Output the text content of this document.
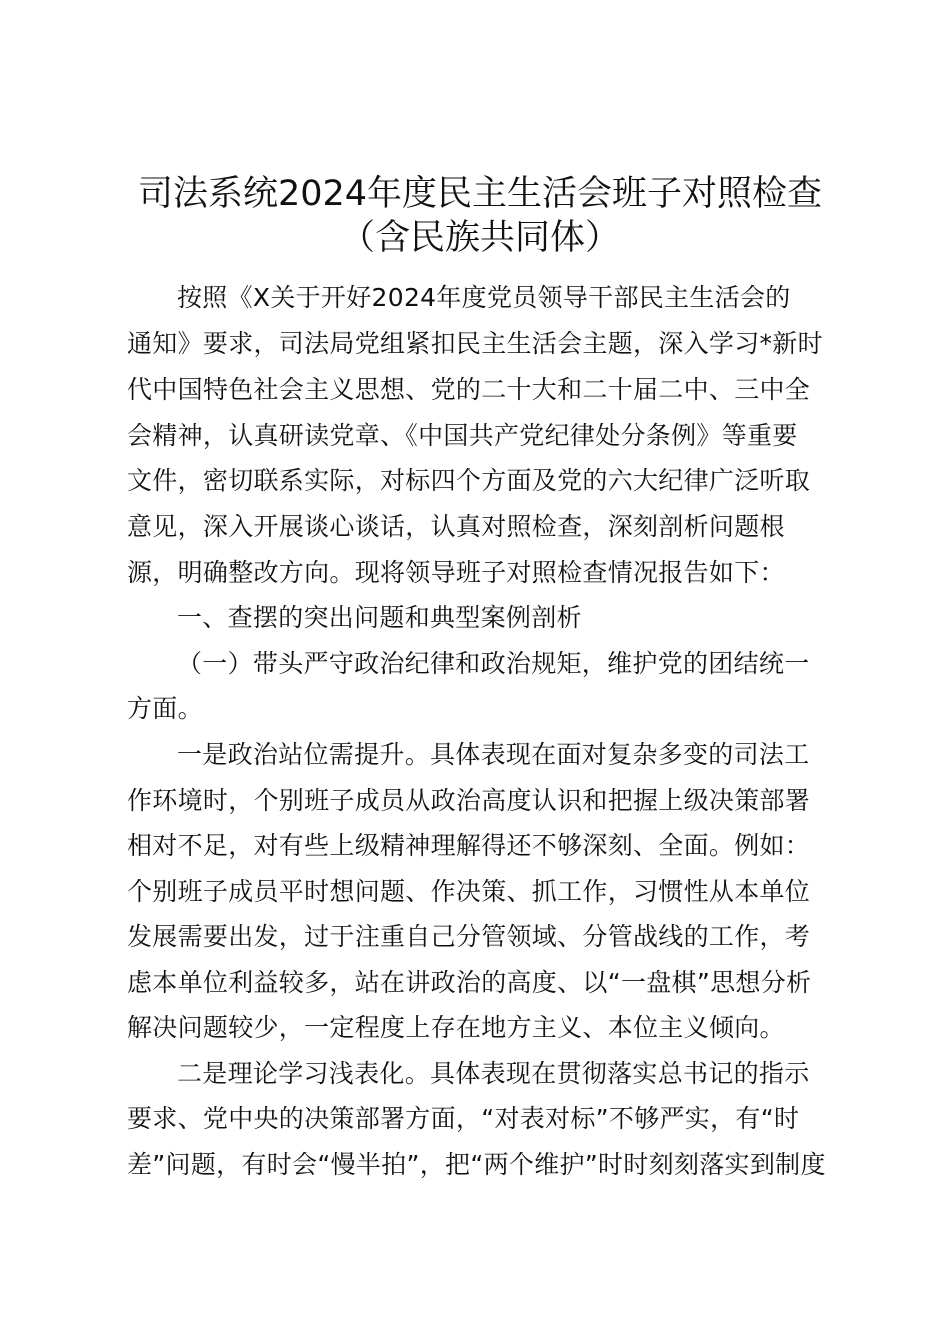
司法系统2024年度民主生活会班子对照检查
（含民族共同体）
按照《X关于开好2024年度党员领导干部民主生活会的
通知》要求，司法局党组紧扣民主生活会主题，深入学习*新时
代中国特色社会主义思想、党的二十大和二十届二中、三中全
会精神，认真研读党章、《中国共产党纪律处分条例》等重要
文件，密切联系实际，对标四个方面及党的六大纪律广泛听取
意见，深入开展谈心谈话，认真对照检查，深刻剖析问题根
源，明确整改方向。现将领导班子对照检查情况报告如下：
一、查摆的突出问题和典型案例剖析
（一）带头严守政治纪律和政治规矩，维护党的团结统一
方面。
一是政治站位需提升。具体表现在面对复杂多变的司法工
作环境时，个别班子成员从政治高度认识和把握上级决策部署
相对不足，对有些上级精神理解得还不够深刻、全面。例如：
个别班子成员平时想问题、作决策、抓工作，习惯性从本单位
发展需要出发，过于注重自己分管领域、分管战线的工作，考
虑本单位利益较多，站在讲政治的高度、以“一盘棋”思想分析
解决问题较少，一定程度上存在地方主义、本位主义倾向。
二是理论学习浅表化。具体表现在贯彻落实总书记的指示
要求、党中央的决策部署方面，“对表对标”不够严实，有“时
差”问题，有时会“慢半拍”，把“两个维护”时时刻刻落实到制度
